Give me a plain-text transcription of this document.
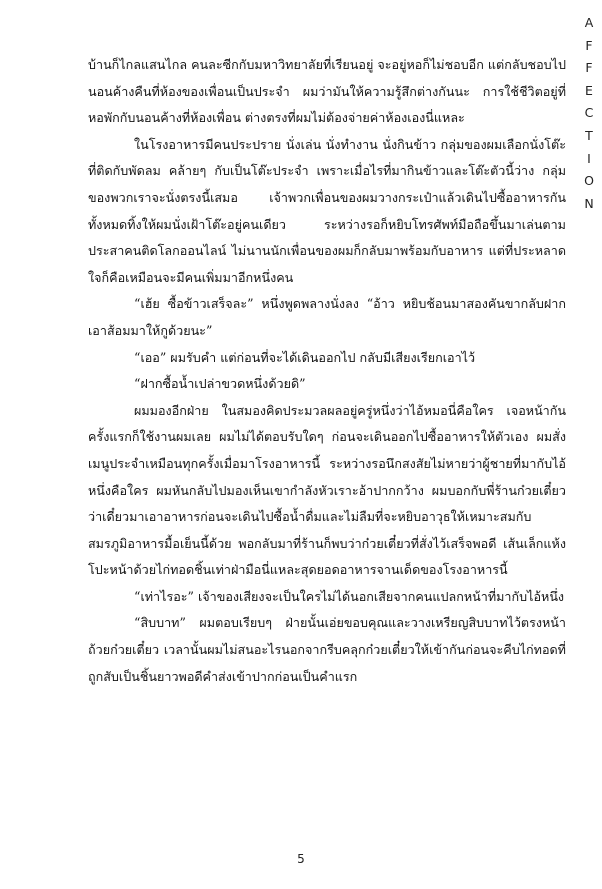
A
F
F
E
C
T
I
O
N

บ้านก็ไกลแสนไกล คนละซีกกับมหาวิทยาลัยที่เรียนอยู่ จะอยู่หอก็ไม่ชอบอีก แต่กลับชอบไปนอนค้างคืนที่ห้องของเพื่อนเป็นประจำ ผมว่ามันให้ความรู้สึกต่างกันนะ การใช้ชีวิตอยู่ที่หอพักกับนอนค้างที่ห้องเพื่อน ต่างตรงที่ผมไม่ต้องจ่ายค่าห้องเองนี่แหละ

ในโรงอาหารมีคนประปราย นั่งเล่น นั่งทำงาน นั่งกินข้าว กลุ่มของผมเลือกนั่งโต๊ะที่ติดกับพัดลม คล้ายๆ กับเป็นโต๊ะประจำ เพราะเมื่อไรที่มากินข้าวและโต๊ะตัวนี้ว่าง กลุ่มของพวกเราจะนั่งตรงนี้เสมอ เจ้าพวกเพื่อนของผมวางกระเป๋าแล้วเดินไปซื้ออาหารกันทั้งหมดทิ้งให้ผมนั่งเฝ้าโต๊ะอยู่คนเดียว ระหว่างรอก็หยิบโทรศัพท์มือถือขึ้นมาเล่นตามประสาคนติดโลกออนไลน์ ไม่นานนักเพื่อนของผมก็กลับมาพร้อมกับอาหาร แต่ที่ประหลาดใจก็คือเหมือนจะมีคนเพิ่มมาอีกหนึ่งคน

“เฮ้ย ซื้อข้าวเสร็จละ” หนึ่งพูดพลางนั่งลง “อ้าว หยิบช้อนมาสองคันขากลับฝากเอาส้อมมาให้กูด้วยนะ”

“เออ” ผมรับคำ แต่ก่อนที่จะได้เดินออกไป กลับมีเสียงเรียกเอาไว้

“ฝากซื้อน้ำเปล่าขวดหนึ่งด้วยดิ”

ผมมองอีกฝ่าย ในสมองคิดประมวลผลอยู่ครู่หนึ่งว่าไอ้หมอนี่คือใคร เจอหน้ากันครั้งแรกก็ใช้งานผมเลย ผมไม่ได้ตอบรับใดๆ ก่อนจะเดินออกไปซื้ออาหารให้ตัวเอง ผมสั่งเมนูประจำเหมือนทุกครั้งเมื่อมาโรงอาหารนี้ ระหว่างรอนึกสงสัยไม่หายว่าผู้ชายที่มากับไอ้หนึ่งคือใคร ผมหันกลับไปมองเห็นเขากำลังหัวเราะอ้าปากกว้าง ผมบอกกับพี่ร้านก๋วยเตี๋ยวว่าเดี๋ยวมาเอาอาหารก่อนจะเดินไปซื้อน้ำดื่มและไม่ลืมที่จะหยิบอาวุธให้เหมาะสมกับสมรภูมิอาหารมื้อเย็นนี้ด้วย พอกลับมาที่ร้านก็พบว่าก๋วยเตี๋ยวที่สั่งไว้เสร็จพอดี เส้นเล็กแห้งโปะหน้าด้วยไก่ทอดชิ้นเท่าฝ่ามือนี่แหละสุดยอดอาหารจานเด็ดของโรงอาหารนี้

“เท่าไรอะ” เจ้าของเสียงจะเป็นใครไม่ได้นอกเสียจากคนแปลกหน้าที่มากับไอ้หนึ่ง

“สิบบาท” ผมตอบเรียบๆ ฝ่ายนั้นเอ่ยขอบคุณและวางเหรียญสิบบาทไว้ตรงหน้าถ้วยก๋วยเตี๋ยว เวลานั้นผมไม่สนอะไรนอกจากรีบคลุกก๋วยเตี๋ยวให้เข้ากันก่อนจะคีบไก่ทอดที่ถูกสับเป็นชิ้นยาวพอดีคำส่งเข้าปากก่อนเป็นคำแรก

5
